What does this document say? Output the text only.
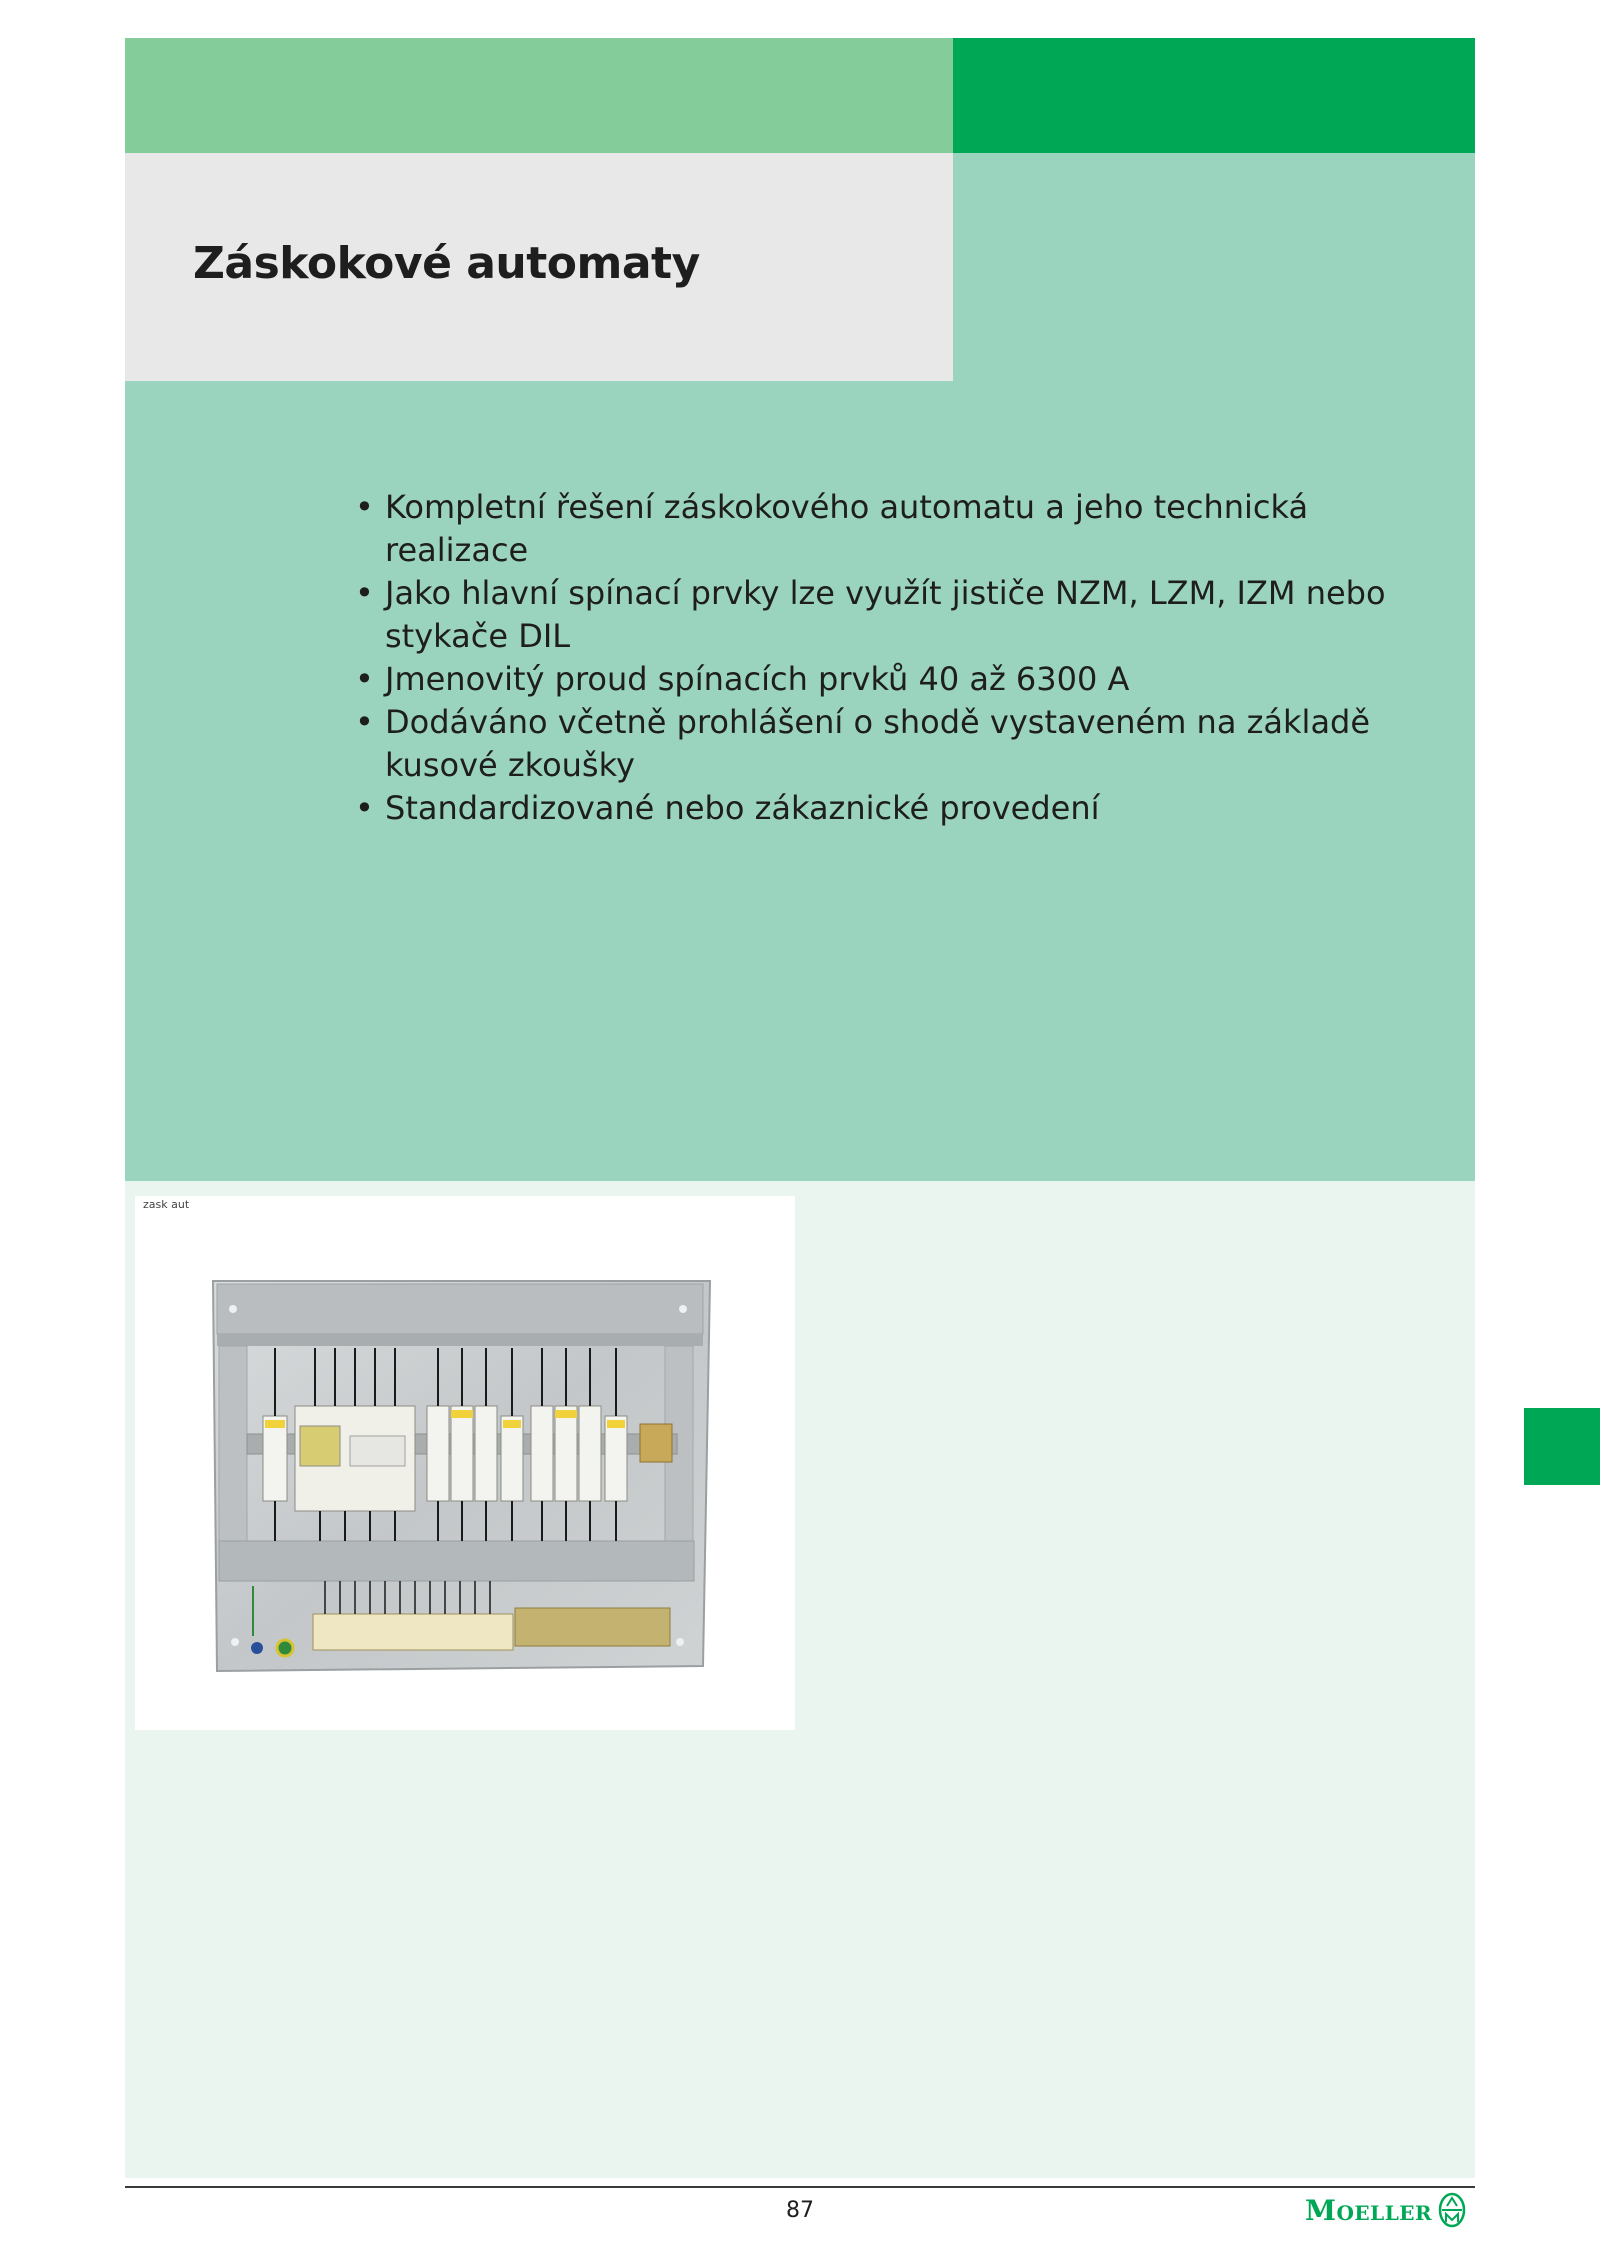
Záskokové automaty
• Kompletní řešení záskokového automatu a jeho technická realizace
• Jako hlavní spínací prvky lze využít jističe NZM, LZM, IZM nebo stykače DIL
• Jmenovitý proud spínacích prvků 40 až 6300 A
• Dodáváno včetně prohlášení o shodě vystaveném na základě kusové zkoušky
• Standardizované nebo zákaznické provedení
zask aut
87	Moeller
